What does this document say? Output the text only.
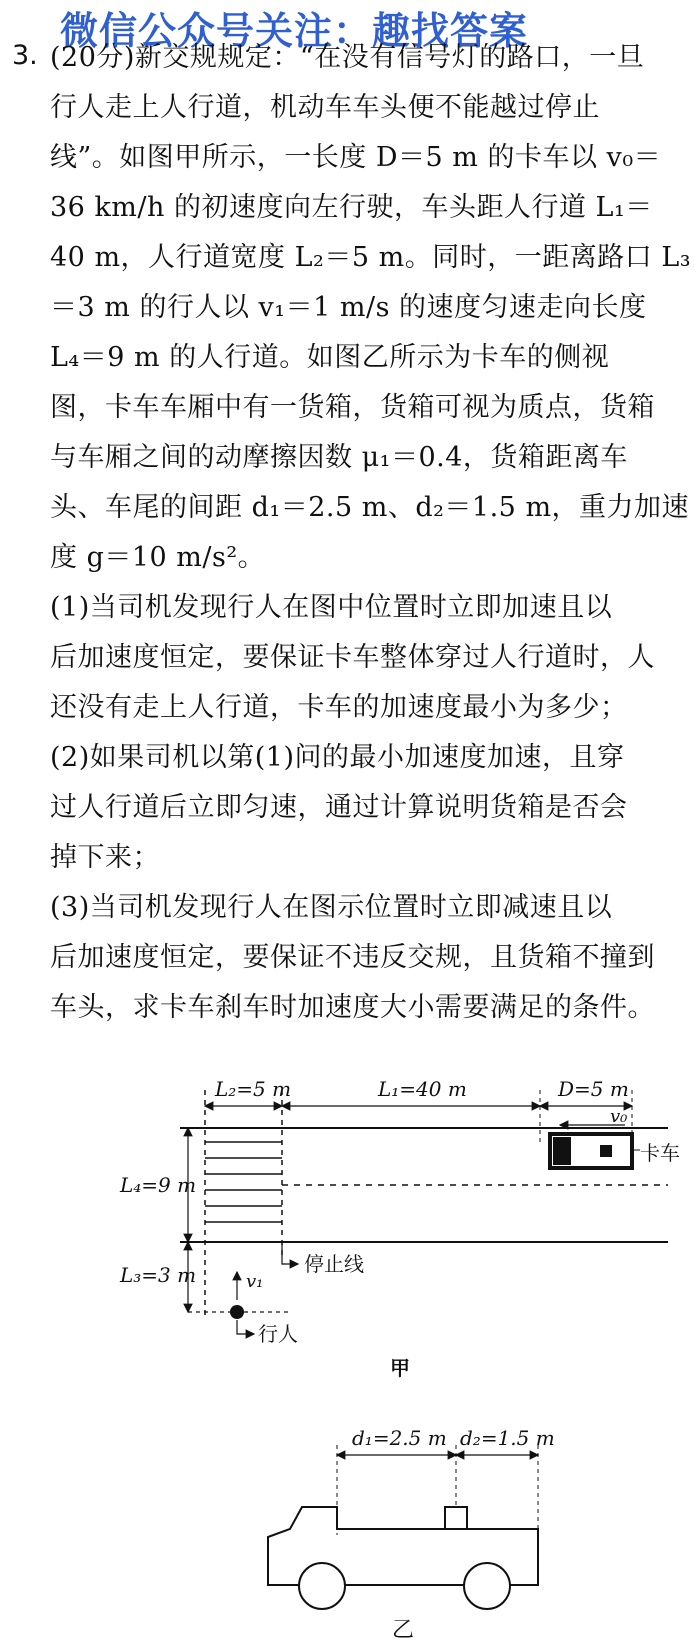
微信公众号关注：趣找答案
3. (20分)新交规规定：“在没有信号灯的路口，一旦
行人走上人行道，机动车车头便不能越过停止
线”。如图甲所示，一长度 D＝5 m 的卡车以 v₀＝
36 km/h 的初速度向左行驶，车头距人行道 L₁＝
40 m，人行道宽度 L₂＝5 m。同时，一距离路口 L₃
＝3 m 的行人以 v₁＝1 m/s 的速度匀速走向长度
L₄＝9 m 的人行道。如图乙所示为卡车的侧视
图，卡车车厢中有一货箱，货箱可视为质点，货箱
与车厢之间的动摩擦因数 μ₁＝0.4，货箱距离车
头、车尾的间距 d₁＝2.5 m、d₂＝1.5 m，重力加速
度 g＝10 m/s²。
(1)当司机发现行人在图中位置时立即加速且以
后加速度恒定，要保证卡车整体穿过人行道时，人
还没有走上人行道，卡车的加速度最小为多少；
(2)如果司机以第(1)问的最小加速度加速，且穿
过人行道后立即匀速，通过计算说明货箱是否会
掉下来；
(3)当司机发现行人在图示位置时立即减速且以
后加速度恒定，要保证不违反交规，且货箱不撞到
车头，求卡车刹车时加速度大小需要满足的条件。
L₂=5 m	L₁=40 m	D=5 m
v₀
卡车
L₄=9 m
L₃=3 m	停止线
v₁
行人
甲
d₁=2.5 m d₂=1.5 m
乙
